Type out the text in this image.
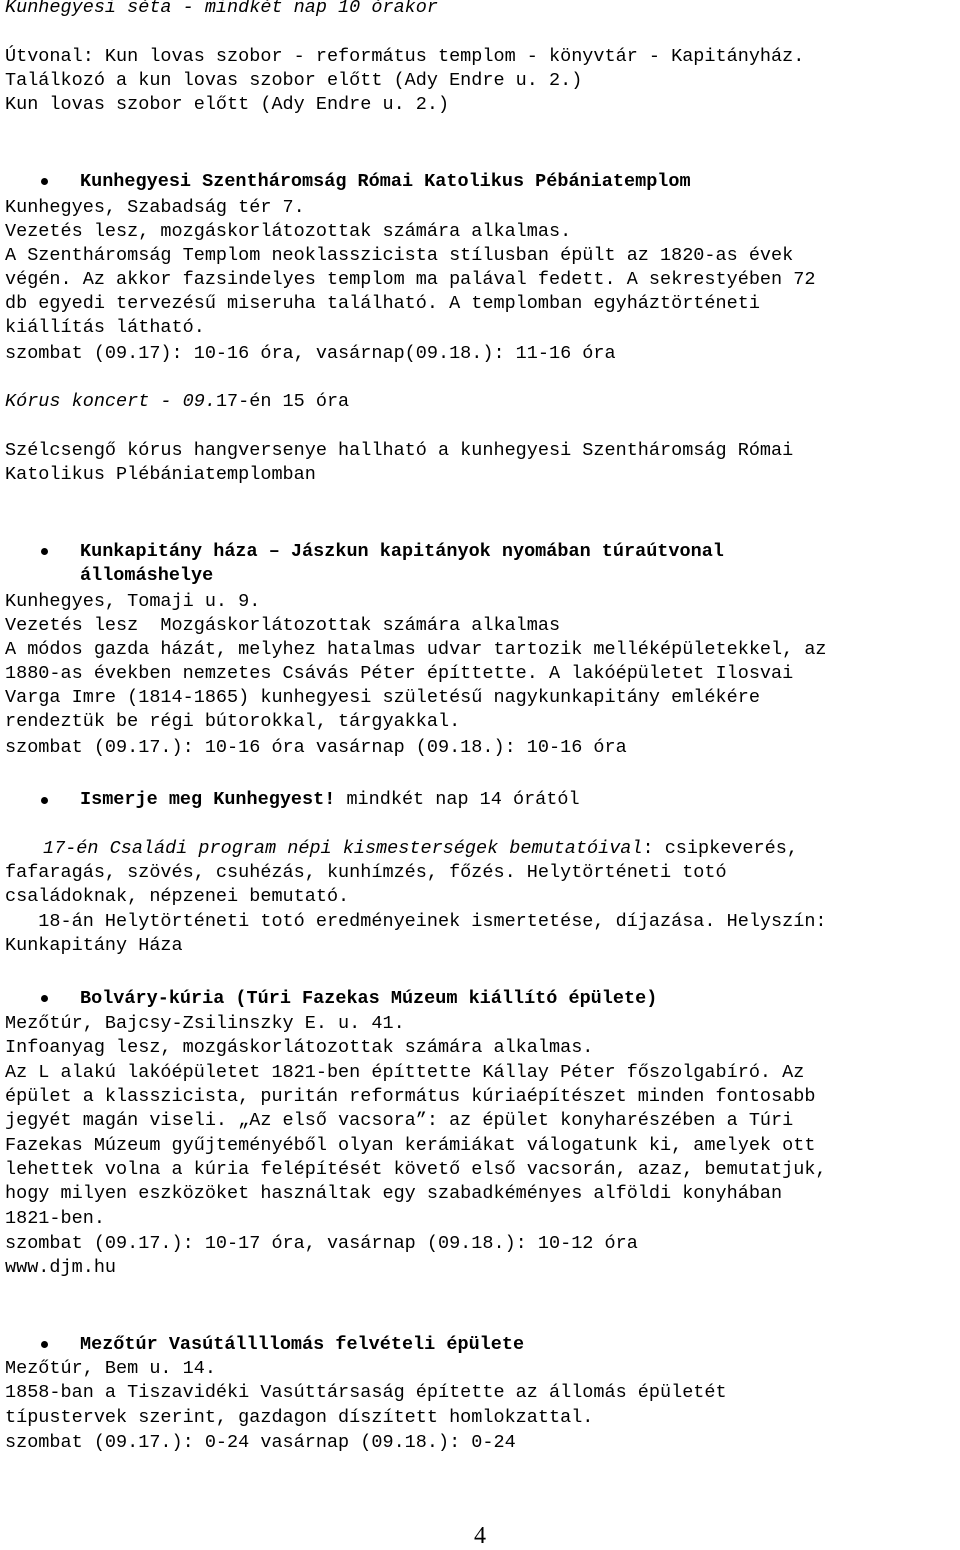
Kunhegyesi séta - mindkét nap 10 órakor
Útvonal: Kun lovas szobor - református templom - könyvtár - Kapitányház.
Találkozó a kun lovas szobor előtt (Ady Endre u. 2.)
Kun lovas szobor előtt (Ady Endre u. 2.)
Kunhegyesi Szentháromság Római Katolikus Pébániatemplom
Kunhegyes, Szabadság tér 7.
Vezetés lesz, mozgáskorlátozottak számára alkalmas.
A Szentháromság Templom neoklasszicista stílusban épült az 1820-as évek
végén. Az akkor fazsindelyes templom ma palával fedett. A sekrestyében 72
db egyedi tervezésű miseruha található. A templomban egyháztörténeti
kiállítás látható.
szombat (09.17): 10-16 óra, vasárnap(09.18.): 11-16 óra
Kórus koncert - 09.17-én 15 óra
Szélcsengő kórus hangversenye hallható a kunhegyesi Szentháromság Római
Katolikus Plébániatemplomban
Kunkapitány háza – Jászkun kapitányok nyomában túraútvonal
állomáshelye
Kunhegyes, Tomaji u. 9.
Vezetés lesz  Mozgáskorlátozottak számára alkalmas
A módos gazda házát, melyhez hatalmas udvar tartozik melléképületekkel, az
1880-as években nemzetes Csávás Péter építtette. A lakóépületet Ilosvai
Varga Imre (1814-1865) kunhegyesi születésű nagykunkapitány emlékére
rendeztük be régi bútorokkal, tárgyakkal.
szombat (09.17.): 10-16 óra vasárnap (09.18.): 10-16 óra
Ismerje meg Kunhegyest! mindkét nap 14 órától
17-én Családi program népi kismesterségek bemutatóival: csipkeverés,
fafaragás, szövés, csuhézás, kunhímzés, főzés. Helytörténeti totó
családoknak, népzenei bemutató.
18-án Helytörténeti totó eredményeinek ismertetése, díjazása. Helyszín:
Kunkapitány Háza
Bolváry-kúria (Túri Fazekas Múzeum kiállító épülete)
Mezőtúr, Bajcsy-Zsilinszky E. u. 41.
Infoanyag lesz, mozgáskorlátozottak számára alkalmas.
Az L alakú lakóépületet 1821-ben építtette Kállay Péter főszolgabíró. Az
épület a klasszicista, puritán református kúriaépítészet minden fontosabb
jegyét magán viseli. „Az első vacsora”: az épület konyharészében a Túri
Fazekas Múzeum gyűjteményéből olyan kerámiákat válogatunk ki, amelyek ott
lehettek volna a kúria felépítését követő első vacsorán, azaz, bemutatjuk,
hogy milyen eszközöket használtak egy szabadkéményes alföldi konyhában
1821-ben.
szombat (09.17.): 10-17 óra, vasárnap (09.18.): 10-12 óra
www.djm.hu
Mezőtúr Vasútállllomás felvételi épülete
Mezőtúr, Bem u. 14.
1858-ban a Tiszavidéki Vasúttársaság építette az állomás épületét
típustervek szerint, gazdagon díszített homlokzattal.
szombat (09.17.): 0-24 vasárnap (09.18.): 0-24
4
